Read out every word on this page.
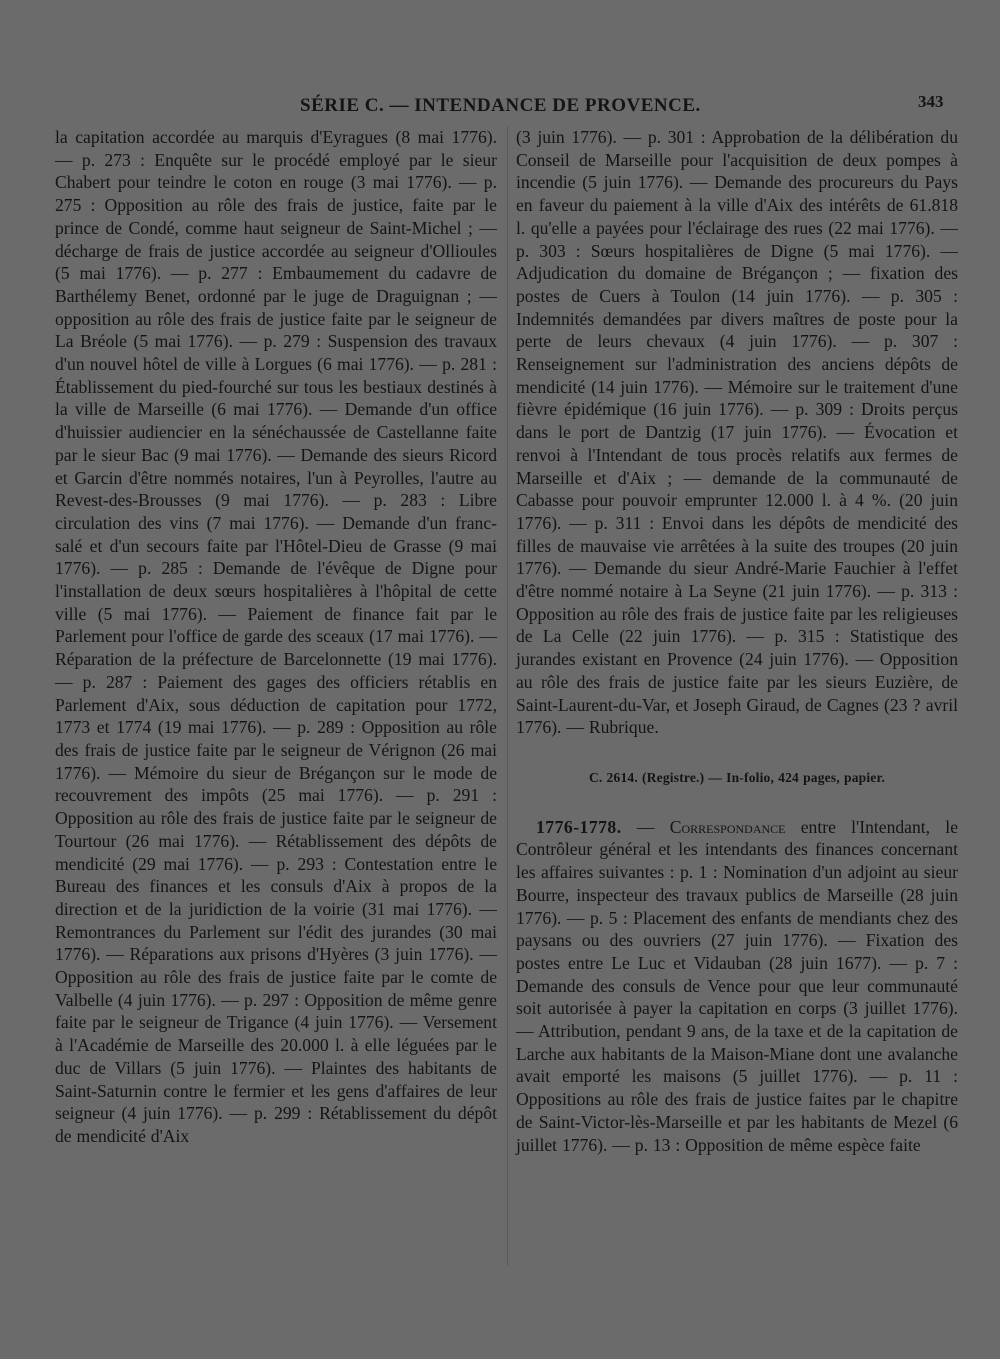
SÉRIE C. — INTENDANCE DE PROVENCE.	343

la capitation accordée au marquis d'Eyragues (8 mai 1776). — p. 273 : Enquête sur le procédé employé par le sieur Chabert pour teindre le coton en rouge (3 mai 1776). — p. 275 : Opposition au rôle des frais de justice, faite par le prince de Condé, comme haut seigneur de Saint-Michel ; — décharge de frais de justice accordée au seigneur d'Ollioules (5 mai 1776). — p. 277 : Embaumement du cadavre de Barthélemy Benet, ordonné par le juge de Draguignan ; — opposition au rôle des frais de justice faite par le seigneur de La Bréole (5 mai 1776). — p. 279 : Suspension des travaux d'un nouvel hôtel de ville à Lorgues (6 mai 1776). — p. 281 : Établissement du pied-fourché sur tous les bestiaux destinés à la ville de Marseille (6 mai 1776). — Demande d'un office d'huissier audiencier en la sénéchaussée de Castellanne faite par le sieur Bac (9 mai 1776). — Demande des sieurs Ricord et Garcin d'être nommés notaires, l'un à Peyrolles, l'autre au Revest-des-Brousses (9 mai 1776). — p. 283 : Libre circulation des vins (7 mai 1776). — Demande d'un franc-salé et d'un secours faite par l'Hôtel-Dieu de Grasse (9 mai 1776). — p. 285 : Demande de l'évêque de Digne pour l'installation de deux sœurs hospitalières à l'hôpital de cette ville (5 mai 1776). — Paiement de finance fait par le Parlement pour l'office de garde des sceaux (17 mai 1776). — Réparation de la préfecture de Barcelonnette (19 mai 1776). — p. 287 : Paiement des gages des officiers rétablis en Parlement d'Aix, sous déduction de capitation pour 1772, 1773 et 1774 (19 mai 1776). — p. 289 : Opposition au rôle des frais de justice faite par le seigneur de Vérignon (26 mai 1776). — Mémoire du sieur de Brégançon sur le mode de recouvrement des impôts (25 mai 1776). — p. 291 : Opposition au rôle des frais de justice faite par le seigneur de Tourtour (26 mai 1776). — Rétablissement des dépôts de mendicité (29 mai 1776). — p. 293 : Contestation entre le Bureau des finances et les consuls d'Aix à propos de la direction et de la juridiction de la voirie (31 mai 1776). — Remontrances du Parlement sur l'édit des jurandes (30 mai 1776). — Réparations aux prisons d'Hyères (3 juin 1776). — Opposition au rôle des frais de justice faite par le comte de Valbelle (4 juin 1776). — p. 297 : Opposition de même genre faite par le seigneur de Trigance (4 juin 1776). — Versement à l'Académie de Marseille des 20.000 l. à elle léguées par le duc de Villars (5 juin 1776). — Plaintes des habitants de Saint-Saturnin contre le fermier et les gens d'affaires de leur seigneur (4 juin 1776). — p. 299 : Rétablissement du dépôt de mendicité d'Aix

(3 juin 1776). — p. 301 : Approbation de la délibération du Conseil de Marseille pour l'acquisition de deux pompes à incendie (5 juin 1776). — Demande des procureurs du Pays en faveur du paiement à la ville d'Aix des intérêts de 61.818 l. qu'elle a payées pour l'éclairage des rues (22 mai 1776). — p. 303 : Sœurs hospitalières de Digne (5 mai 1776). — Adjudication du domaine de Brégançon ; — fixation des postes de Cuers à Toulon (14 juin 1776). — p. 305 : Indemnités demandées par divers maîtres de poste pour la perte de leurs chevaux (4 juin 1776). — p. 307 : Renseignement sur l'administration des anciens dépôts de mendicité (14 juin 1776). — Mémoire sur le traitement d'une fièvre épidémique (16 juin 1776). — p. 309 : Droits perçus dans le port de Dantzig (17 juin 1776). — Évocation et renvoi à l'Intendant de tous procès relatifs aux fermes de Marseille et d'Aix ; — demande de la communauté de Cabasse pour pouvoir emprunter 12.000 l. à 4 %. (20 juin 1776). — p. 311 : Envoi dans les dépôts de mendicité des filles de mauvaise vie arrêtées à la suite des troupes (20 juin 1776). — Demande du sieur André-Marie Fauchier à l'effet d'être nommé notaire à La Seyne (21 juin 1776). — p. 313 : Opposition au rôle des frais de justice faite par les religieuses de La Celle (22 juin 1776). — p. 315 : Statistique des jurandes existant en Provence (24 juin 1776). — Opposition au rôle des frais de justice faite par les sieurs Euzière, de Saint-Laurent-du-Var, et Joseph Giraud, de Cagnes (23 ? avril 1776). — Rubrique.

C. 2614. (Registre.) — In-folio, 424 pages, papier.

1776-1778. — Correspondance entre l'Intendant, le Contrôleur général et les intendants des finances concernant les affaires suivantes : p. 1 : Nomination d'un adjoint au sieur Bourre, inspecteur des travaux publics de Marseille (28 juin 1776). — p. 5 : Placement des enfants de mendiants chez des paysans ou des ouvriers (27 juin 1776). — Fixation des postes entre Le Luc et Vidauban (28 juin 1677). — p. 7 : Demande des consuls de Vence pour que leur communauté soit autorisée à payer la capitation en corps (3 juillet 1776). — Attribution, pendant 9 ans, de la taxe et de la capitation de Larche aux habitants de la Maison-Miane dont une avalanche avait emporté les maisons (5 juillet 1776). — p. 11 : Oppositions au rôle des frais de justice faites par le chapitre de Saint-Victor-lès-Marseille et par les habitants de Mezel (6 juillet 1776). — p. 13 : Opposition de même espèce faite
